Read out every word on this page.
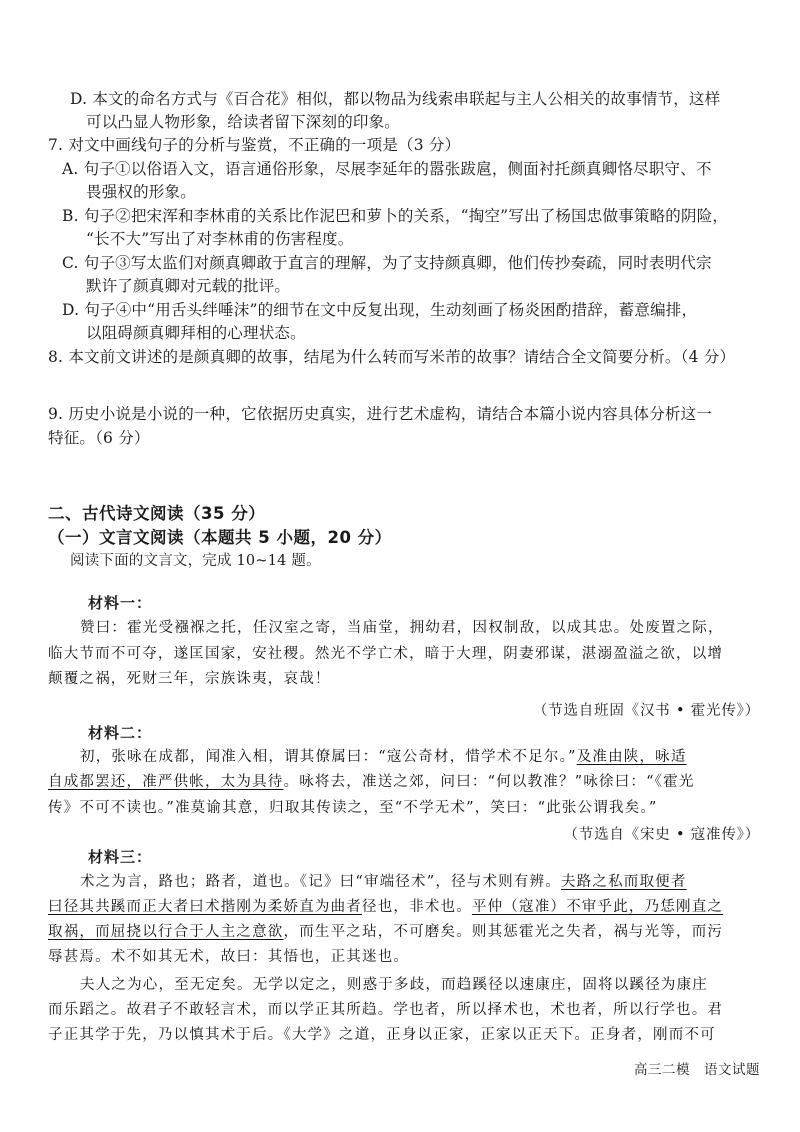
D. 本文的命名方式与《百合花》相似，都以物品为线索串联起与主人公相关的故事情节，这样
可以凸显人物形象，给读者留下深刻的印象。
7. 对文中画线句子的分析与鉴赏，不正确的一项是（3 分）
A. 句子①以俗语入文，语言通俗形象，尽展李延年的嚣张跋扈，侧面衬托颜真卿恪尽职守、不
畏强权的形象。
B. 句子②把宋浑和李林甫的关系比作泥巴和萝卜的关系，“掏空”写出了杨国忠做事策略的阴险，
“长不大”写出了对李林甫的伤害程度。
C. 句子③写太监们对颜真卿敢于直言的理解，为了支持颜真卿，他们传抄奏疏，同时表明代宗
默许了颜真卿对元载的批评。
D. 句子④中“用舌头绊唾沫”的细节在文中反复出现，生动刻画了杨炎困酌措辞，蓄意编排，
以阻碍颜真卿拜相的心理状态。
8. 本文前文讲述的是颜真卿的故事，结尾为什么转而写米芾的故事？请结合全文简要分析。（4 分）
9. 历史小说是小说的一种，它依据历史真实，进行艺术虚构，请结合本篇小说内容具体分析这一
特征。（6 分）
二、古代诗文阅读（35 分）
（一）文言文阅读（本题共 5 小题，20 分）
阅读下面的文言文，完成 10~14 题。
材料一：
赞曰：霍光受襁褓之托，任汉室之寄，当庙堂，拥幼君，因权制敌，以成其忠。处废置之际，
临大节而不可夺，遂匡国家，安社稷。然光不学亡术，暗于大理，阴妻邪谋，湛溺盈溢之欲，以增
颠覆之祸，死财三年，宗族诛夷，哀哉！
（节选自班固《汉书 • 霍光传》）
材料二：
初，张咏在成都，闻准入相，谓其僚属曰：“寇公奇材，惜学术不足尔。”及准由陕，咏适
自成都罢还，准严供帐，太为具待。咏将去，准送之郊，问曰：“何以教准？”咏徐曰：“《霍光
传》不可不读也。”准莫谕其意，归取其传读之，至“不学无术”，笑曰：“此张公谓我矣。”
（节选自《宋史 • 寇准传》）
材料三：
术之为言，路也；路者，道也。《记》曰“审端径术”，径与术则有辨。夫路之私而取便者
曰径其共蹊而正大者曰术揩刚为柔娇直为曲者径也，非术也。平仲（寇准）不审乎此，乃恁刚直之
取祸，而屈挠以行合于人主之意欲，而生平之玷，不可磨矣。则其惩霍光之失者，祸与光等，而污
辱甚焉。术不如其无术，故曰：其悟也，正其迷也。
夫人之为心，至无定矣。无学以定之，则惑于多歧，而趋蹊径以速康庄，固将以蹊径为康庄
而乐蹈之。故君子不敢轻言术，而以学正其所趋。学也者，所以择术也，术也者，所以行学也。君
子正其学于先，乃以慎其术于后。《大学》之道，正身以正家，正家以正天下。正身者，刚而不可
高三二模　语文试题
